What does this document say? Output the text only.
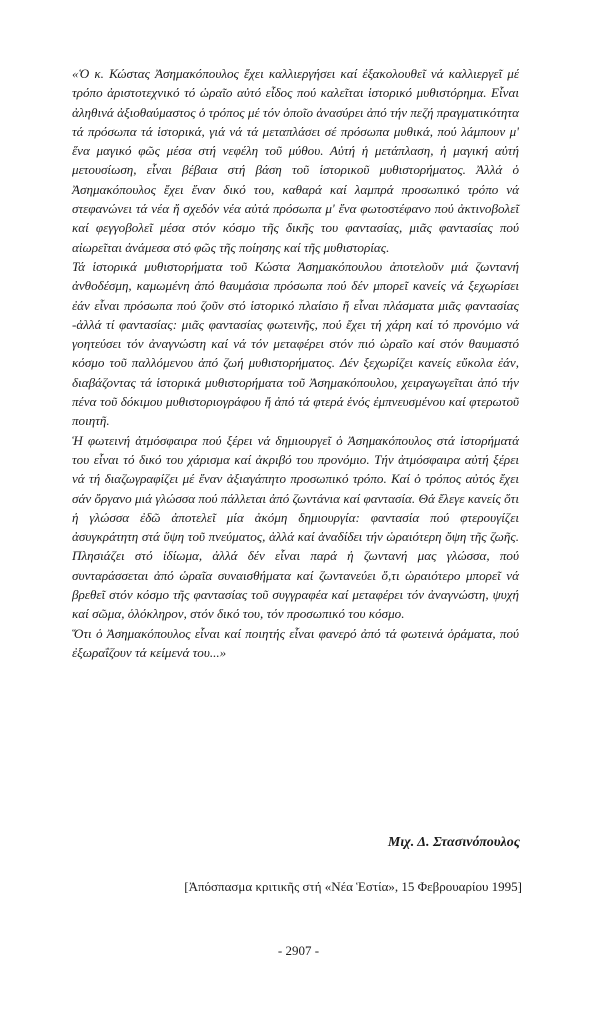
«Ὁ κ. Κώστας Ἀσημακόπουλος ἔχει καλλιεργήσει καί ἐξακολουθεῖ νά καλλιεργεῖ μέ τρόπο ἀριστοτεχνικό τό ὡραῖο αὐτό εἶδος πού καλεῖται ἱστορικό μυθιστόρημα. Εἶναι ἀληθινά ἀξιοθαύμαστος ὁ τρόπος μέ τόν ὁποῖο ἀνασύρει ἀπό τήν πεζή πραγματικότητα τά πρόσωπα τά ἱστορικά, γιά νά τά μεταπλάσει σέ πρόσωπα μυθικά, πού λάμπουν μ' ἕνα μαγικό φῶς μέσα στή νεφέλη τοῦ μύθου. Αὐτή ἡ μετάπλαση, ἡ μαγική αὐτή μετουσίωση, εἶναι βέβαια στή βάση τοῦ ἱστορικοῦ μυθιστορήματος. Ἀλλά ὁ Ἀσημακόπουλος ἔχει ἕναν δικό του, καθαρά καί λαμπρά προσωπικό τρόπο νά στεφανώνει τά νέα ἤ σχεδόν νέα αὐτά πρόσωπα μ' ἕνα φωτοστέφανο πού ἀκτινοβολεῖ καί φεγγοβολεῖ μέσα στόν κόσμο τῆς δικῆς του φαντασίας, μιᾶς φαντασίας πού αἰωρεῖται ἀνάμεσα στό φῶς τῆς ποίησης καί τῆς μυθιστορίας.

Τά ἱστορικά μυθιστορήματα τοῦ Κώστα Ἀσημακόπουλου ἀποτελοῦν μιά ζωντανή ἀνθοδέσμη, καμωμένη ἀπό θαυμάσια πρόσωπα πού δέν μπορεῖ κανείς νά ξεχωρίσει ἐάν εἶναι πρόσωπα πού ζοῦν στό ἱστορικό πλαίσιο ἤ εἶναι πλάσματα μιᾶς φαντασίας -ἀλλά τί φαντασίας: μιᾶς φαντασίας φωτεινῆς, πού ἔχει τή χάρη καί τό προνόμιο νά γοητεύσει τόν ἀναγνώστη καί νά τόν μεταφέρει στόν πιό ὡραῖο καί στόν θαυμαστό κόσμο τοῦ παλλόμενου ἀπό ζωή μυθιστορήματος. Δέν ξεχωρίζει κανείς εὔκολα ἐάν, διαβάζοντας τά ἱστορικά μυθιστορήματα τοῦ Ἀσημακόπουλου, χειραγωγεῖται ἀπό τήν πένα τοῦ δόκιμου μυθιστοριογράφου ἤ ἀπό τά φτερά ἑνός ἐμπνευσμένου καί φτερωτοῦ ποιητῆ.

Ἡ φωτεινή ἀτμόσφαιρα πού ξέρει νά δημιουργεῖ ὁ Ἀσημακόπουλος στά ἱστορήματά του εἶναι τό δικό του χάρισμα καί ἀκριβό του προνόμιο. Τήν ἀτμόσφαιρα αὐτή ξέρει νά τή διαζωγραφίζει μέ ἕναν ἀξιαγάπητο προσωπικό τρόπο. Καί ὁ τρόπος αὐτός ἔχει σάν ὄργανο μιά γλώσσα πού πάλλεται ἀπό ζωντάνια καί φαντασία. Θά ἔλεγε κανείς ὅτι ἡ γλώσσα ἐδῶ ἀποτελεῖ μία ἀκόμη δημιουργία: φαντασία πού φτερουγίζει ἀσυγκράτητη στά ὕψη τοῦ πνεύματος, ἀλλά καί ἀναδίδει τήν ὡραιότερη ὄψη τῆς ζωῆς. Πλησιάζει στό ἰδίωμα, ἀλλά δέν εἶναι παρά ἡ ζωντανή μας γλώσσα, πού συνταράσσεται ἀπό ὡραῖα συναισθήματα καί ζωντανεύει ὅ,τι ὡραιότερο μπορεῖ νά βρεθεῖ στόν κόσμο τῆς φαντασίας τοῦ συγγραφέα καί μεταφέρει τόν ἀναγνώστη, ψυχή καί σῶμα, ὁλόκληρον, στόν δικό του, τόν προσωπικό του κόσμο.

Ὅτι ὁ Ἀσημακόπουλος εἶναι καί ποιητής εἶναι φανερό ἀπό τά φωτεινά ὁράματα, πού ἐξωραΐζουν τά κείμενά του...»

Μιχ. Δ. Στασινόπουλος
[Ἀπόσπασμα κριτικῆς στή «Νέα Ἑστία», 15 Φεβρουαρίου 1995]
- 2907 -
